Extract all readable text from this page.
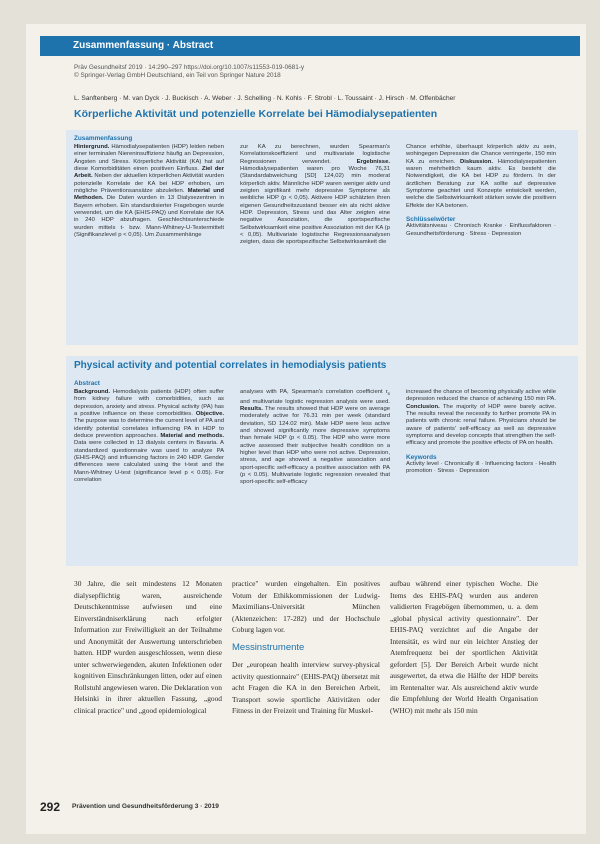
Zusammenfassung · Abstract
Präv Gesundheitsf 2019 · 14:290–297 https://doi.org/10.1007/s11553-019-0681-y
© Springer-Verlag GmbH Deutschland, ein Teil von Springer Nature 2018
L. Sanftenberg · M. van Dyck · J. Buckisch · A. Weber · J. Schelling · N. Kohls · F. Strobl · L. Toussaint · J. Hirsch · M. Offenbächer
Körperliche Aktivität und potenzielle Korrelate bei Hämodialysepatienten
Zusammenfassung
Hintergrund. Hämodialysepatienten (HDP) leiden neben einer terminalen Niereninsuffizienz häufig an Depression, Ängsten und Stress. Körperliche Aktivität (KA) hat auf diese Komorbiditäten einen positiven Einfluss. Ziel der Arbeit. Neben der aktuellen körperlichen Aktivität wurden potenzielle Korrelate der KA bei HDP erhoben, um mögliche Präventionsansätze abzuleiten. Material und Methoden. Die Daten wurden in 13 Dialysezentren in Bayern erhoben. Ein standardisierter Fragebogen wurde verwendet, um die KA (EHIS-PAQ) und Korrelate der KA in 240 HDP abzufragen. Geschlechtsunterschiede wurden mittels t- bzw. Mann-Whitney-U-Testermittelt (Signifikanzlevel p < 0,05). Um Zusammenhänge
zur KA zu berechnen, wurden Spearman's Korrelationskoeffizient und multivariate logistische Regressionen verwendet. Ergebnisse. Hämodialysepatienten waren pro Woche 76,31 (Standardabweichung [SD] 124,02) min moderat körperlich aktiv. Männliche HDP waren weniger aktiv und zeigten signifikant mehr depressive Symptome als weibliche HDP (p < 0,05). Aktivere HDP schätzten ihren eigenen Gesundheitszustand besser ein als nicht aktive HDP. Depression, Stress und das Alter zeigten eine negative Assoziation, die sportspezifische Selbstwirksamkeit eine positive Assoziation mit der KA (p < 0,05). Multivariate logistische Regressionsanalysen zeigten, dass die sportspezifische Selbstwirksamkeit die
Chance erhöhte, überhaupt körperlich aktiv zu sein, wohingegen Depression die Chance verringerte, 150 min KA zu erreichen. Diskussion. Hämodialysepatienten waren mehrheitlich kaum aktiv. Es besteht die Notwendigkeit, die KA bei HDP zu fördern. In der ärztlichen Beratung zur KA sollte auf depressive Symptome geachtet und Konzepte entwickelt werden, welche die Selbstwirksamkeit stärken sowie die positiven Effekte der KA betonen.
Schlüsselwörter
Aktivitätsniveau · Chronisch Kranke · Einflussfaktoren · Gesundheitsförderung · Stress · Depression
Physical activity and potential correlates in hemodialysis patients
Abstract
Background. Hemodialysis patients (HDP) often suffer from kidney failure with comorbidities, such as depression, anxiety and stress. Physical activity (PA) has a positive influence on these comorbidities. Objective. The purpose was to determine the current level of PA and identify potential correlates influencing PA in HDP to deduce prevention approaches. Material and methods. Data were collected in 13 dialysis centers in Bavaria. A standardized questionnaire was used to analyze PA (EHIS-PAQ) and influencing factors in 240 HDP. Gender differences were calculated using the t-test and the Mann-Whitney U-test (significance level p < 0.05). For correlation
analyses with PA, Spearman's correlation coefficient $r_s$ and multivariate logistic regression analysis were used. Results. The results showed that HDP were on average moderately active for 76.31 min per week (standard deviation, SD 124.02 min). Male HDP were less active and showed significantly more depressive symptoms than female HDP (p < 0.05). The HDP who were more active assessed their subjective health condition on a higher level than HDP who were not active. Depression, stress, and age showed a negative association and sport-specific self-efficacy a positive association with PA (p < 0.05). Multivariate logistic regression revealed that sport-specific self-efficacy
increased the chance of becoming physically active while depression reduced the chance of achieving 150 min PA. Conclusion. The majority of HDP were barely active. The results reveal the necessity to further promote PA in patients with chronic renal failure. Physicians should be aware of patients' self-efficacy as well as depressive symptoms and develop concepts that strengthen the self-efficacy and promote the positive effects of PA on health.
Keywords
Activity level · Chronically ill · Influencing factors · Health promotion · Stress · Depression
30 Jahre, die seit mindestens 12 Monaten dialysepflichtig waren, ausreichende Deutschkenntnisse aufwiesen und eine Einverständniserklärung nach erfolgter Information zur Freiwilligkeit an der Teilnahme und Anonymität der Auswertung unterschrieben hatten. HDP wurden ausgeschlossen, wenn diese unter schwerwiegenden, akuten Infektionen oder kognitiven Einschränkungen litten, oder auf einen Rollstuhl angewiesen waren. Die Deklaration von Helsinki in ihrer aktuellen Fassung, „good clinical practice" und „good epidemiological
practice" wurden eingehalten. Ein positives Votum der Ethikkommissionen der Ludwig-Maximilians-Universität München (Aktenzeichen: 17-282) und der Hochschule Coburg lagen vor.
Messinstrumente
Der „european health interview survey-physical activity questionnaire" (EHIS-PAQ) übersetzt mit acht Fragen die KA in den Bereichen Arbeit, Transport sowie sportliche Aktivitäten oder Fitness in der Freizeit und Training für Muskel-
aufbau während einer typischen Woche. Die Items des EHIS-PAQ wurden aus anderen validierten Fragebögen übernommen, u. a. dem „global physical activity questionnaire". Der EHIS-PAQ verzichtet auf die Angabe der Intensität, es wird nur ein leichter Anstieg der Atemfrequenz bei der sportlichen Aktivität gefordert [5]. Der Bereich Arbeit wurde nicht ausgewertet, da etwa die Hälfte der HDP bereits im Rentenalter war. Als ausreichend aktiv wurde die Empfehlung der World Health Organisation (WHO) mit mehr als 150 min
292 Prävention und Gesundheitsförderung 3 · 2019
